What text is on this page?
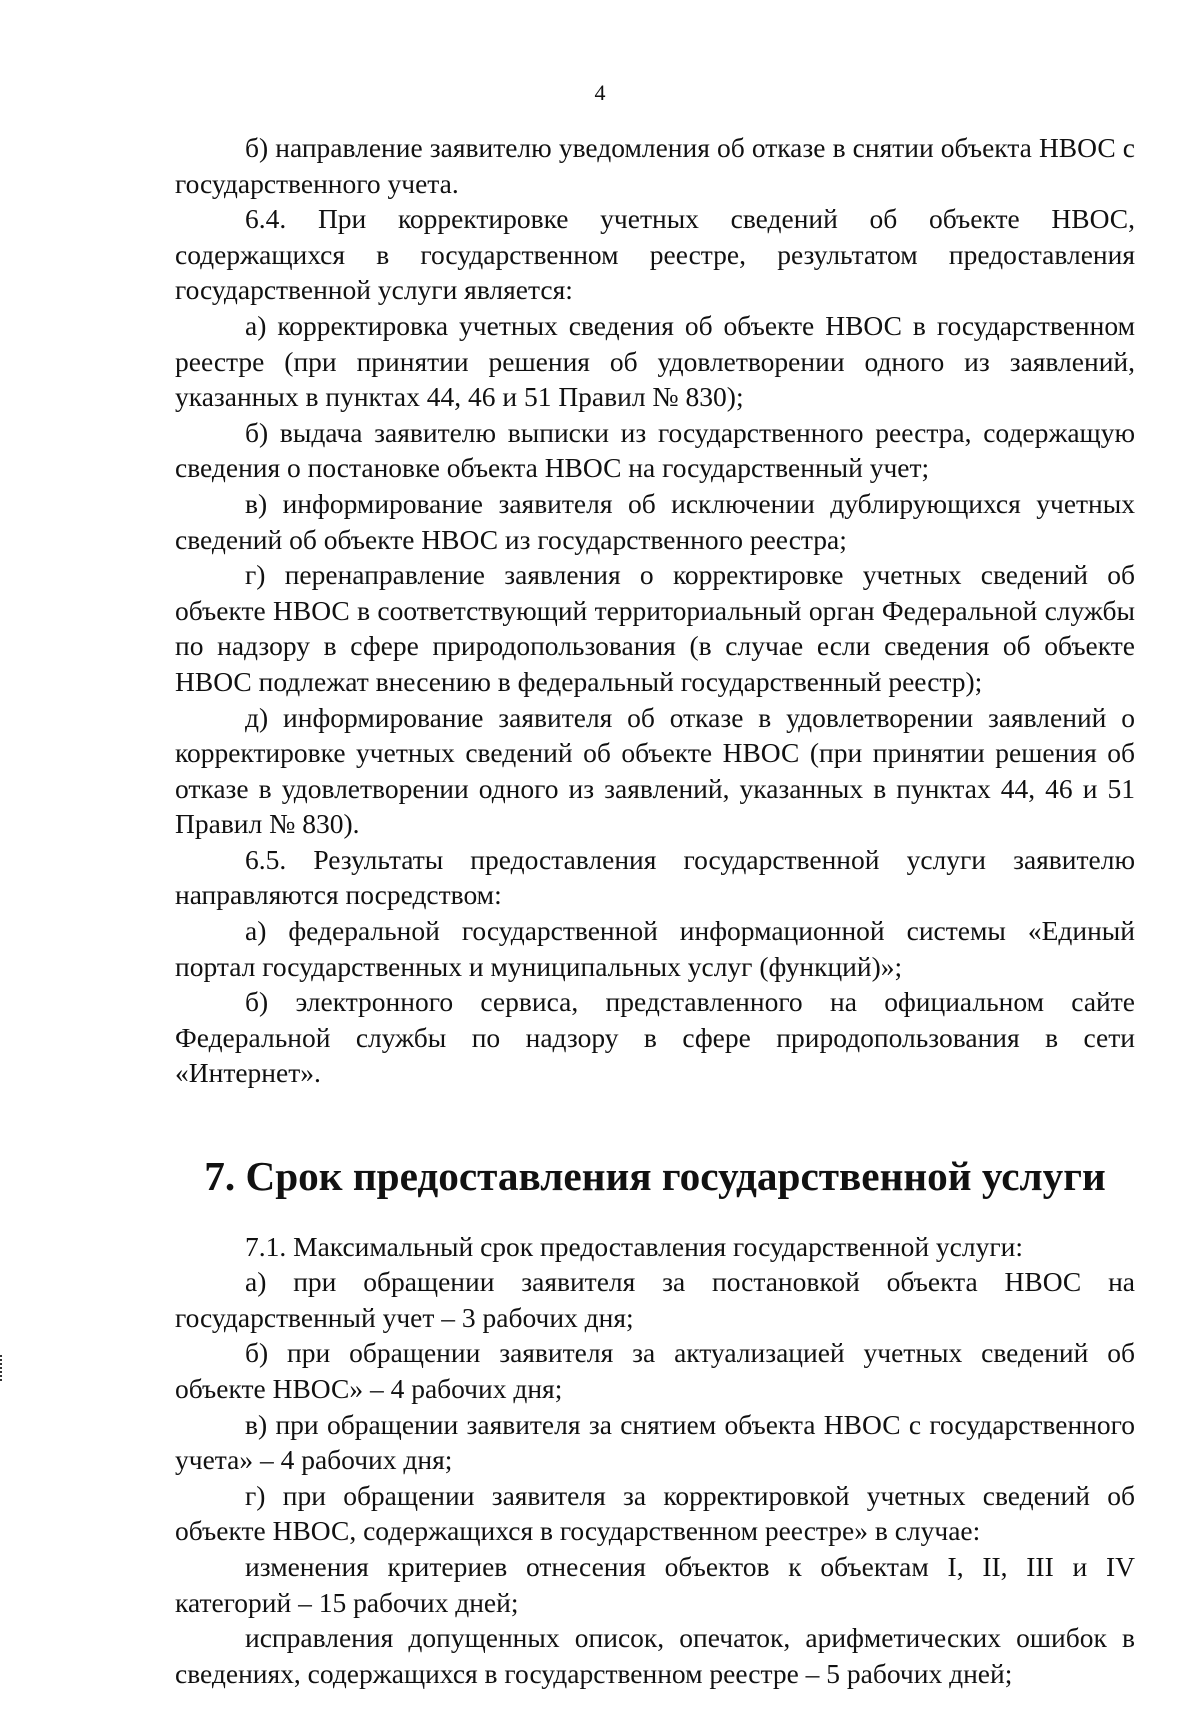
4

б) направление заявителю уведомления об отказе в снятии объекта НВОС с государственного учета.

6.4. При корректировке учетных сведений об объекте НВОС, содержащихся в государственном реестре, результатом предоставления государственной услуги является:

а) корректировка учетных сведения об объекте НВОС в государственном реестре (при принятии решения об удовлетворении одного из заявлений, указанных в пунктах 44, 46 и 51 Правил № 830);

б) выдача заявителю выписки из государственного реестра, содержащую сведения о постановке объекта НВОС на государственный учет;

в) информирование заявителя об исключении дублирующихся учетных сведений об объекте НВОС из государственного реестра;

г) перенаправление заявления о корректировке учетных сведений об объекте НВОС в соответствующий территориальный орган Федеральной службы по надзору в сфере природопользования (в случае если сведения об объекте НВОС подлежат внесению в федеральный государственный реестр);

д) информирование заявителя об отказе в удовлетворении заявлений о корректировке учетных сведений об объекте НВОС (при принятии решения об отказе в удовлетворении одного из заявлений, указанных в пунктах 44, 46 и 51 Правил № 830).

6.5. Результаты предоставления государственной услуги заявителю направляются посредством:

а) федеральной государственной информационной системы «Единый портал государственных и муниципальных услуг (функций)»;

б) электронного сервиса, представленного на официальном сайте Федеральной службы по надзору в сфере природопользования в сети «Интернет».

7. Срок предоставления государственной услуги

7.1. Максимальный срок предоставления государственной услуги:

а) при обращении заявителя за постановкой объекта НВОС на государственный учет – 3 рабочих дня;

б) при обращении заявителя за актуализацией учетных сведений об объекте НВОС» – 4 рабочих дня;

в) при обращении заявителя за снятием объекта НВОС с государственного учета» – 4 рабочих дня;

г) при обращении заявителя за корректировкой учетных сведений об объекте НВОС, содержащихся в государственном реестре» в случае:

изменения критериев отнесения объектов к объектам I, II, III и IV категорий – 15 рабочих дней;

исправления допущенных описок, опечаток, арифметических ошибок в сведениях, содержащихся в государственном реестре – 5 рабочих дней;
